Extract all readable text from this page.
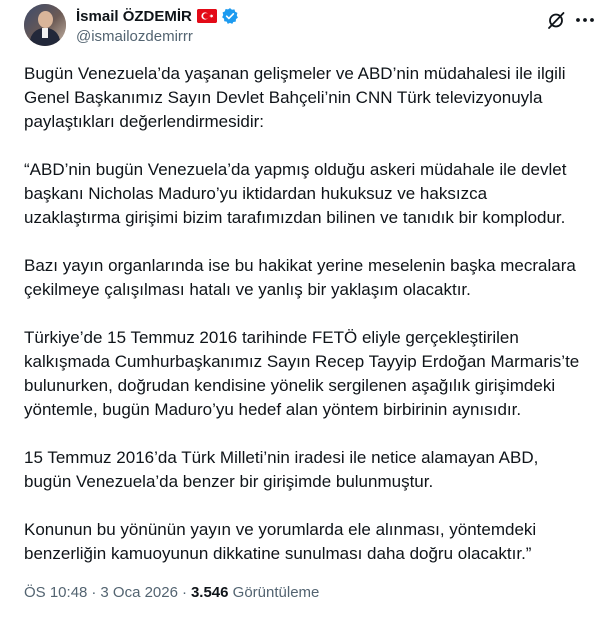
İsmail ÖZDEMİR
@ismailozdemirrr
Bugün Venezuela’da yaşanan gelişmeler ve ABD’nin müdahalesi ile ilgili
Genel Başkanımız Sayın Devlet Bahçeli’nin CNN Türk televizyonuyla
paylaştıkları değerlendirmesidir:
“ABD’nin bugün Venezuela’da yapmış olduğu askeri müdahale ile devlet
başkanı Nicholas Maduro’yu iktidardan hukuksuz ve haksızca
uzaklaştırma girişimi bizim tarafımızdan bilinen ve tanıdık bir komplodur.
Bazı yayın organlarında ise bu hakikat yerine meselenin başka mecralara
çekilmeye çalışılması hatalı ve yanlış bir yaklaşım olacaktır.
Türkiye’de 15 Temmuz 2016 tarihinde FETÖ eliyle gerçekleştirilen
kalkışmada Cumhurbaşkanımız Sayın Recep Tayyip Erdoğan Marmaris’te
bulunurken, doğrudan kendisine yönelik sergilenen aşağılık girişimdeki
yöntemle, bugün Maduro’yu hedef alan yöntem birbirinin aynısıdır.
15 Temmuz 2016’da Türk Milleti’nin iradesi ile netice alamayan ABD,
bugün Venezuela’da benzer bir girişimde bulunmuştur.
Konunun bu yönünün yayın ve yorumlarda ele alınması, yöntemdeki
benzerliğin kamuoyunun dikkatine sunulması daha doğru olacaktır.”
ÖS 10:48 · 3 Oca 2026 · 3.546 Görüntüleme
